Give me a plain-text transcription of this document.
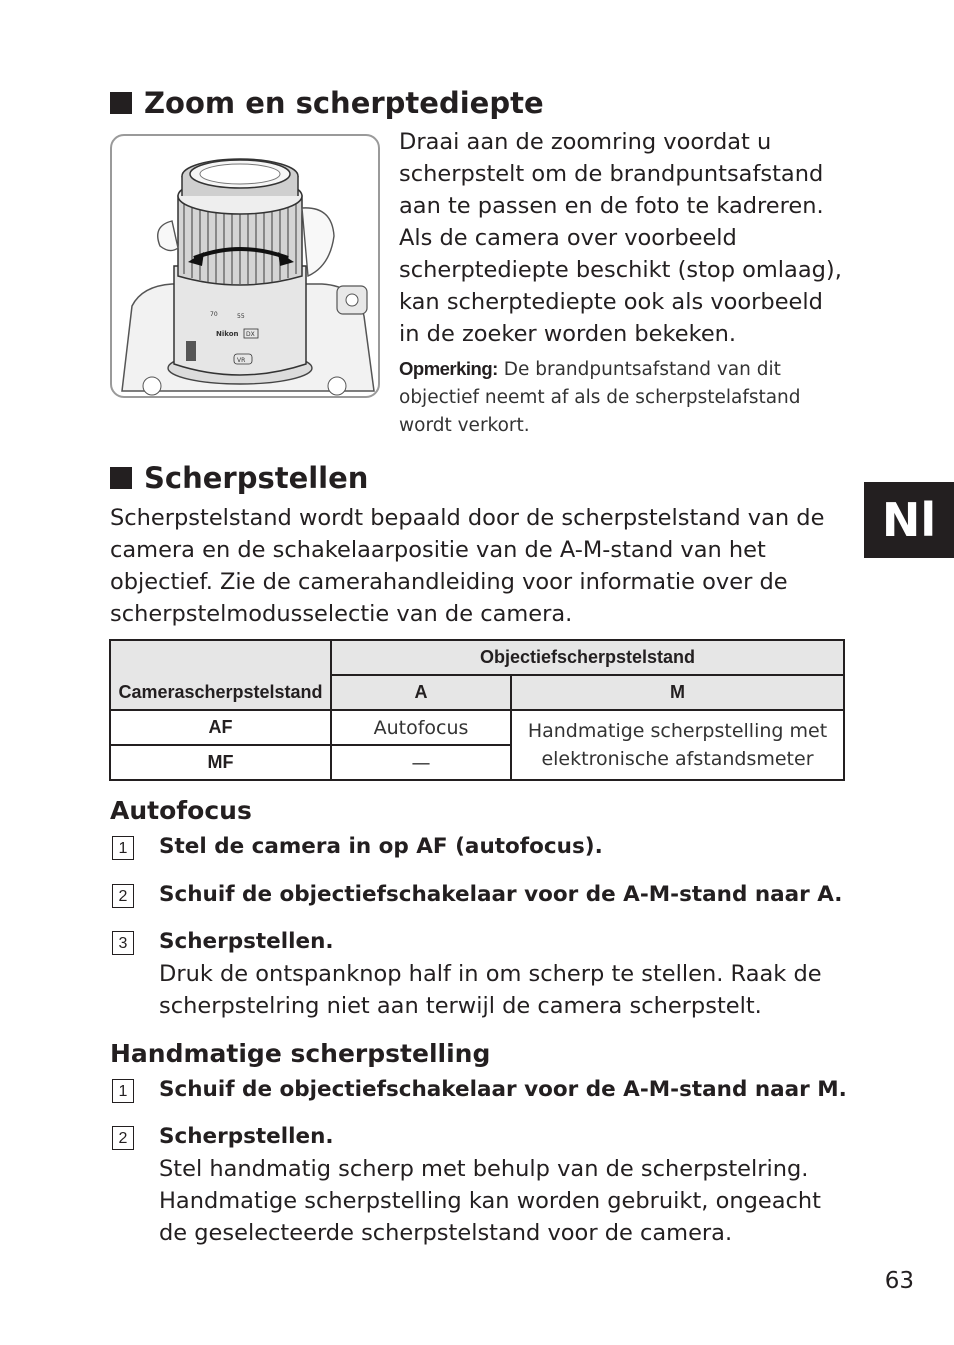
Zoom en scherptediepte
70	55
Nikon DX
VR
Draai aan de zoomring voordat u
scherpstelt om de brandpuntsafstand
aan te passen en de foto te kadreren.
Als de camera over voorbeeld
scherptediepte beschikt (stop omlaag),
kan scherptediepte ook als voorbeeld
in de zoeker worden bekeken.
Opmerking: De brandpuntsafstand van dit
objectief neemt af als de scherpstelafstand
wordt verkort.
Scherpstellen
Scherpstelstand wordt bepaald door de scherpstelstand van de
camera en de schakelaarpositie van de A-M-stand van het
objectief. Zie de camerahandleiding voor informatie over de
scherpstelmodusselectie van de camera.
Camerascherpstelstand	Objectiefscherpstelstand	
	A	M
AF	Autofocus	Handmatige scherpstelling met
elektronische afstandsmeter

MF	—	
Autofocus
1	Stel de camera in op AF (autofocus).
2	Schuif de objectiefschakelaar voor de A-M-stand naar A.
3	Scherpstellen.
Druk de ontspanknop half in om scherp te stellen. Raak de
scherpstelring niet aan terwijl de camera scherpstelt.
Handmatige scherpstelling
1	Schuif de objectiefschakelaar voor de A-M-stand naar M.
2	Scherpstellen.
Stel handmatig scherp met behulp van de scherpstelring.
Handmatige scherpstelling kan worden gebruikt, ongeacht
de geselecteerde scherpstelstand voor de camera.
Nl
63
